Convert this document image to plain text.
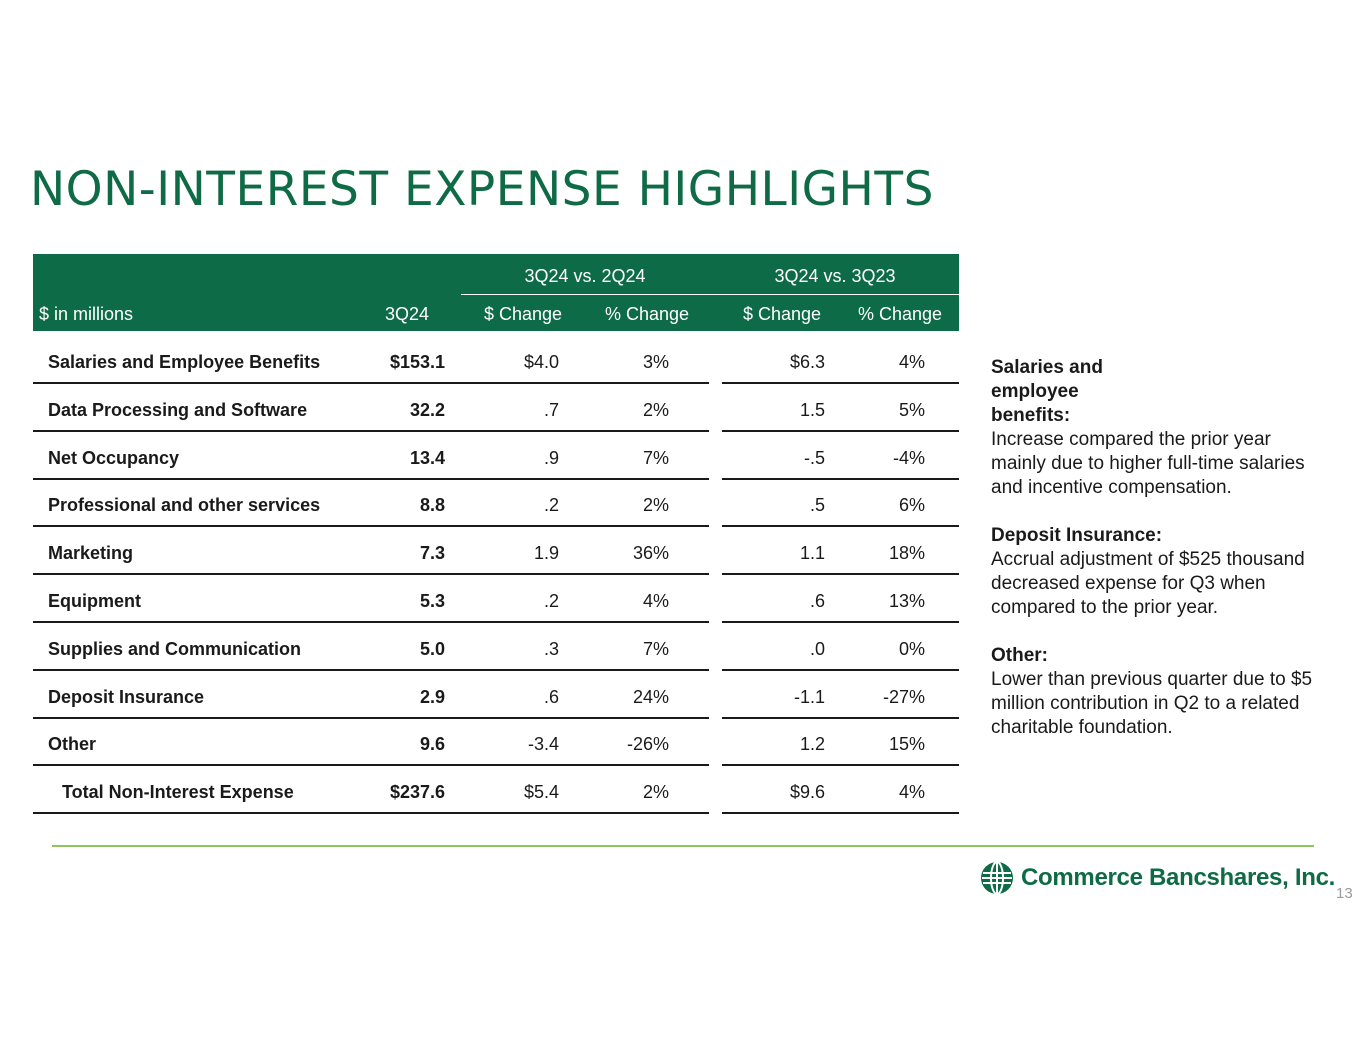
NON-INTEREST EXPENSE HIGHLIGHTS
3Q24 vs. 2Q24	3Q24 vs. 3Q23
$ in millions	3Q24	$ Change	% Change	$ Change	% Change
Salaries and Employee Benefits	$153.1	$4.0	3%	$6.3	4%
Data Processing and Software	32.2	.7	2%	1.5	5%
Net Occupancy	13.4	.9	7%	-.5	-4%
Professional and other services	8.8	.2	2%	.5	6%
Marketing	7.3	1.9	36%	1.1	18%
Equipment	5.3	.2	4%	.6	13%
Supplies and Communication	5.0	.3	7%	.0	0%
Deposit Insurance	2.9	.6	24%	-1.1	-27%
Other	9.6	-3.4	-26%	1.2	15%
Total Non-Interest Expense	$237.6	$5.4	2%	$9.6	4%
Salaries and employee benefits:
Increase compared the prior year mainly due to higher full-time salaries and incentive compensation.
Deposit Insurance:
Accrual adjustment of $525 thousand decreased expense for Q3 when compared to the prior year.
Other:
Lower than previous quarter due to $5 million contribution in Q2 to a related charitable foundation.
Commerce Bancshares, Inc.
13
